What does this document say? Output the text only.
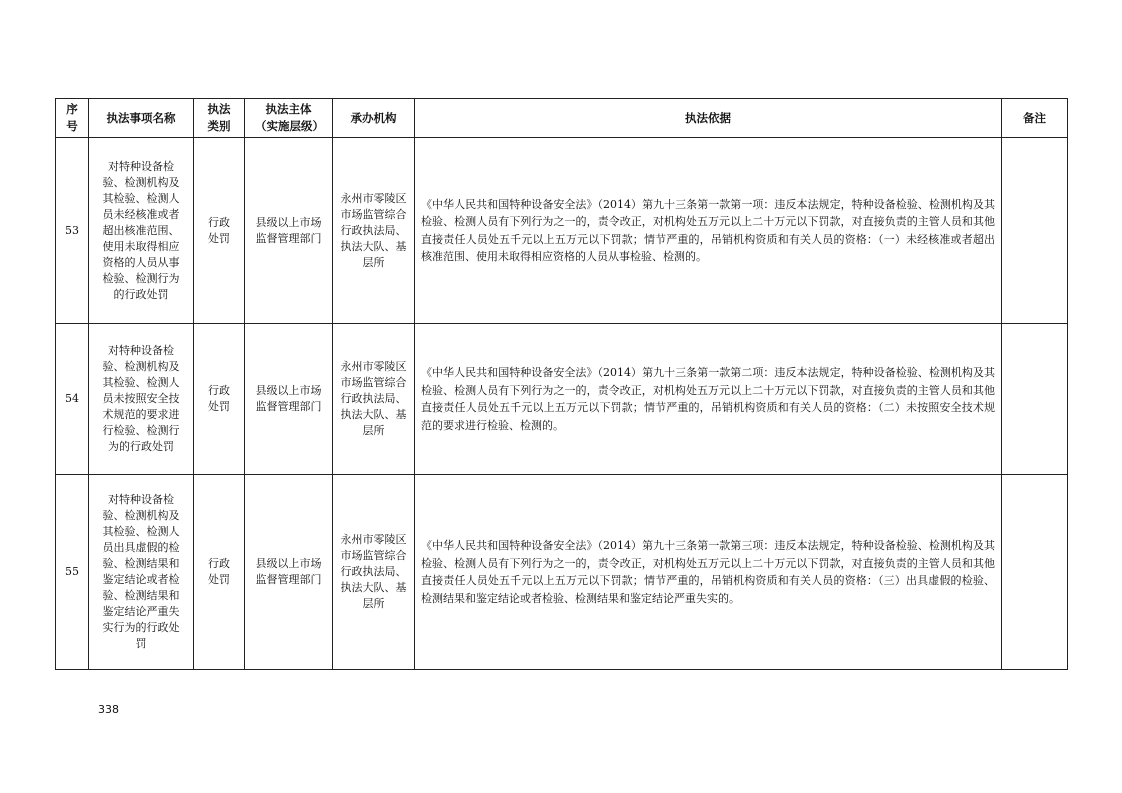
序号	执法事项名称	执法类别	执法主体（实施层级）	承办机构	执法依据	备注
53	对特种设备检验、检测机构及其检验、检测人员未经核准或者超出核准范围、使用未取得相应资格的人员从事检验、检测行为的行政处罚	行政处罚	县级以上市场监督管理部门	永州市零陵区市场监管综合行政执法局、执法大队、基层所	《中华人民共和国特种设备安全法》（2014）第九十三条第一款第一项：违反本法规定，特种设备检验、检测机构及其检验、检测人员有下列行为之一的，责令改正，对机构处五万元以上二十万元以下罚款，对直接负责的主管人员和其他直接责任人员处五千元以上五万元以下罚款；情节严重的，吊销机构资质和有关人员的资格：（一）未经核准或者超出核准范围、使用未取得相应资格的人员从事检验、检测的。	
54	对特种设备检验、检测机构及其检验、检测人员未按照安全技术规范的要求进行检验、检测行为的行政处罚	行政处罚	县级以上市场监督管理部门	永州市零陵区市场监管综合行政执法局、执法大队、基层所	《中华人民共和国特种设备安全法》（2014）第九十三条第一款第二项：违反本法规定，特种设备检验、检测机构及其检验、检测人员有下列行为之一的，责令改正，对机构处五万元以上二十万元以下罚款，对直接负责的主管人员和其他直接责任人员处五千元以上五万元以下罚款；情节严重的，吊销机构资质和有关人员的资格：（二）未按照安全技术规范的要求进行检验、检测的。	
55	对特种设备检验、检测机构及其检验、检测人员出具虚假的检验、检测结果和鉴定结论或者检验、检测结果和鉴定结论严重失实行为的行政处罚	行政处罚	县级以上市场监督管理部门	永州市零陵区市场监管综合行政执法局、执法大队、基层所	《中华人民共和国特种设备安全法》（2014）第九十三条第一款第三项：违反本法规定，特种设备检验、检测机构及其检验、检测人员有下列行为之一的，责令改正，对机构处五万元以上二十万元以下罚款，对直接负责的主管人员和其他直接责任人员处五千元以上五万元以下罚款；情节严重的，吊销机构资质和有关人员的资格：（三）出具虚假的检验、检测结果和鉴定结论或者检验、检测结果和鉴定结论严重失实的。	
338
